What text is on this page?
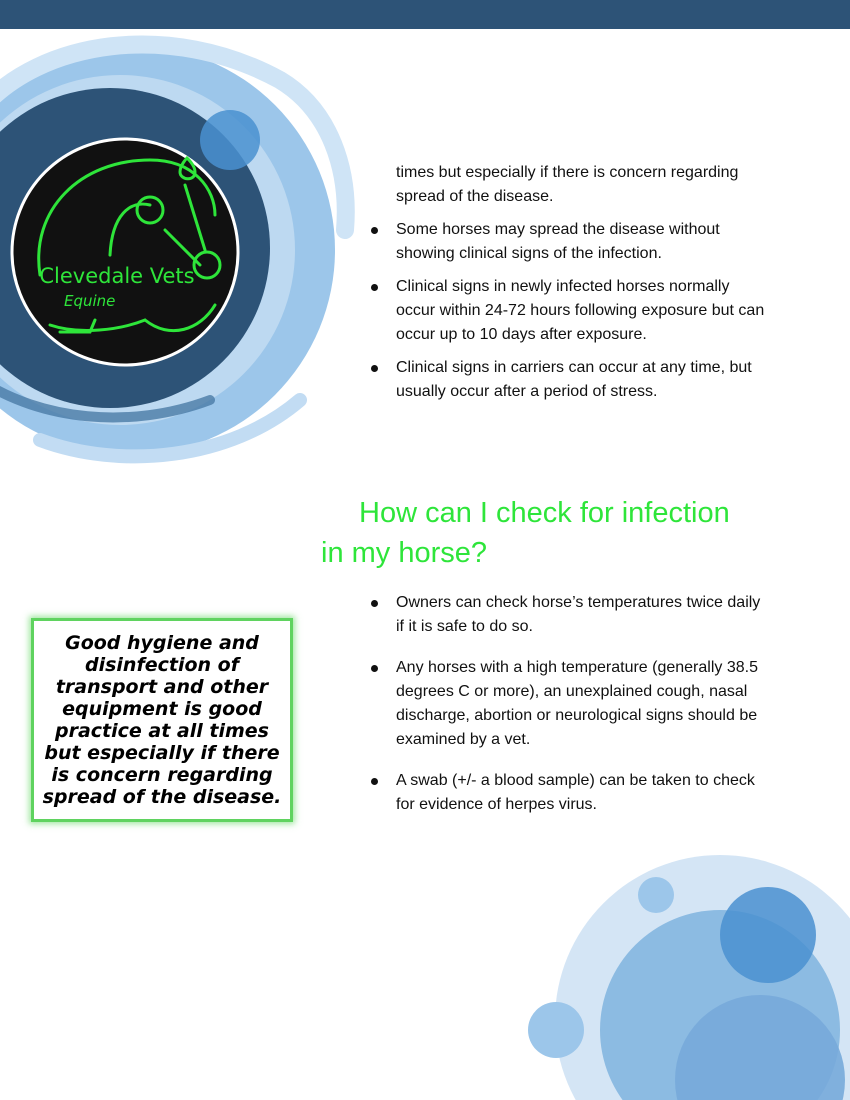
Clevedale Vets
Equine
times but especially if there is concern regarding spread of the disease.
Some horses may spread the disease without showing clinical signs of the infection.
Clinical signs in newly infected horses normally occur within 24-72 hours following exposure but can occur up to 10 days after exposure.
Clinical signs in carriers can occur at any time, but usually occur after a period of stress.
How can I check for infection
in my horse?
Owners can check horse’s temperatures twice daily if it is safe to do so.
Any horses with a high temperature (generally 38.5 degrees C or more), an unexplained cough, nasal discharge, abortion or neurological signs should be examined by a vet.
A swab (+/- a blood sample) can be taken to check for evidence of herpes virus.

Good hygiene and disinfection of transport and other equipment is good practice at all times but especially if there is concern regarding spread of the disease.
